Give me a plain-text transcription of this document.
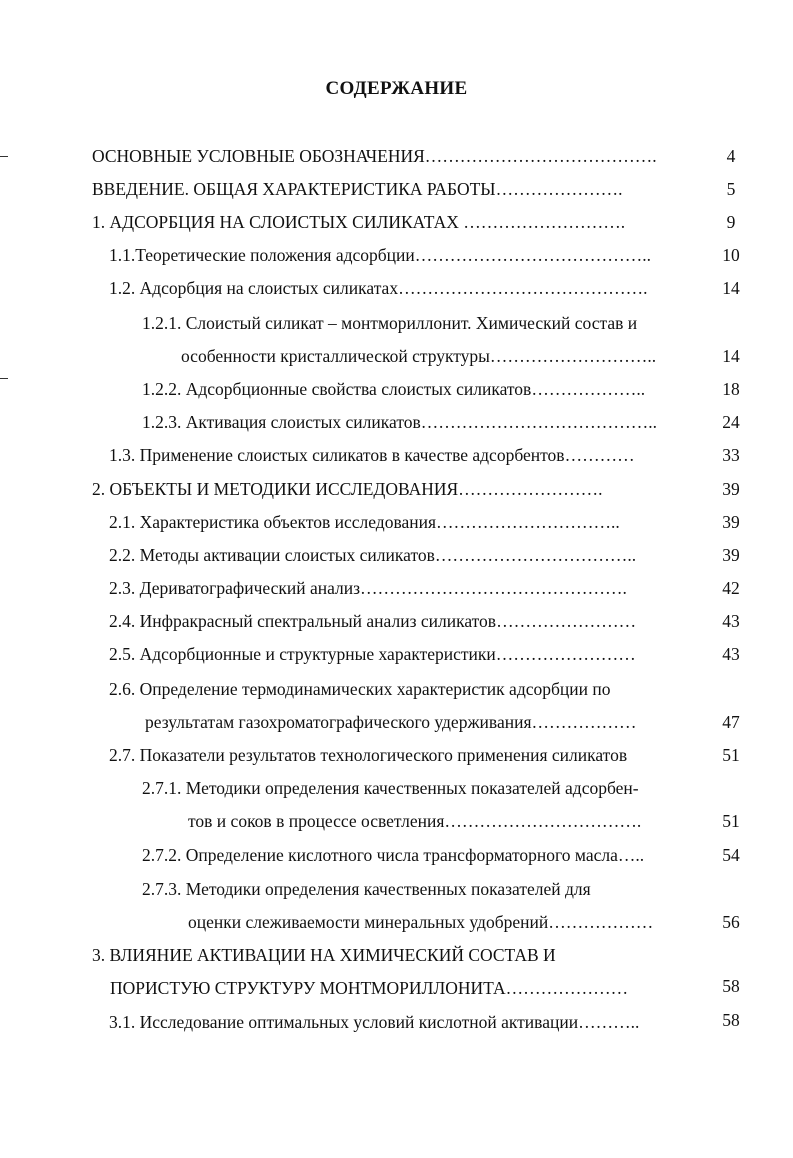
СОДЕРЖАНИЕ
ОСНОВНЫЕ УСЛОВНЫЕ ОБОЗНАЧЕНИЯ………………………………….	4
ВВЕДЕНИЕ. ОБЩАЯ ХАРАКТЕРИСТИКА РАБОТЫ………………….	5
1. АДСОРБЦИЯ НА СЛОИСТЫХ СИЛИКАТАХ ……………………….	9
1.1.Теоретические положения адсорбции…………………………………..	10
1.2. Адсорбция на слоистых силикатах…………………………………….	14
1.2.1. Слоистый силикат – монтмориллонит. Химический состав и
особенности кристаллической структуры………………………..	14
1.2.2. Адсорбционные свойства слоистых силикатов………………..	18
1.2.3. Активация слоистых силикатов…………………………………..	24
1.3. Применение слоистых силикатов в качестве адсорбентов…………	33
2. ОБЪЕКТЫ И МЕТОДИКИ ИССЛЕДОВАНИЯ…………………….	39
2.1. Характеристика объектов исследования…………………………..	39
2.2. Методы активации слоистых силикатов……………………………..	39
2.3. Дериватографический анализ……………………………………….	42
2.4. Инфракрасный спектральный анализ силикатов……………………	43
2.5. Адсорбционные и структурные характеристики……………………	43
2.6. Определение термодинамических характеристик адсорбции по
результатам газохроматографического удерживания………………	47
2.7. Показатели результатов технологического применения силикатов	51
2.7.1. Методики определения качественных показателей адсорбен-
тов и соков в процессе осветления…………………………….	51
2.7.2. Определение кислотного числа трансформаторного масла…..	54
2.7.3. Методики определения качественных показателей для
оценки слеживаемости минеральных удобрений………………	56
3. ВЛИЯНИЕ АКТИВАЦИИ НА ХИМИЧЕСКИЙ СОСТАВ И
ПОРИСТУЮ СТРУКТУРУ МОНТМОРИЛЛОНИТА…………………	58
3.1. Исследование оптимальных условий кислотной активации………..	58
